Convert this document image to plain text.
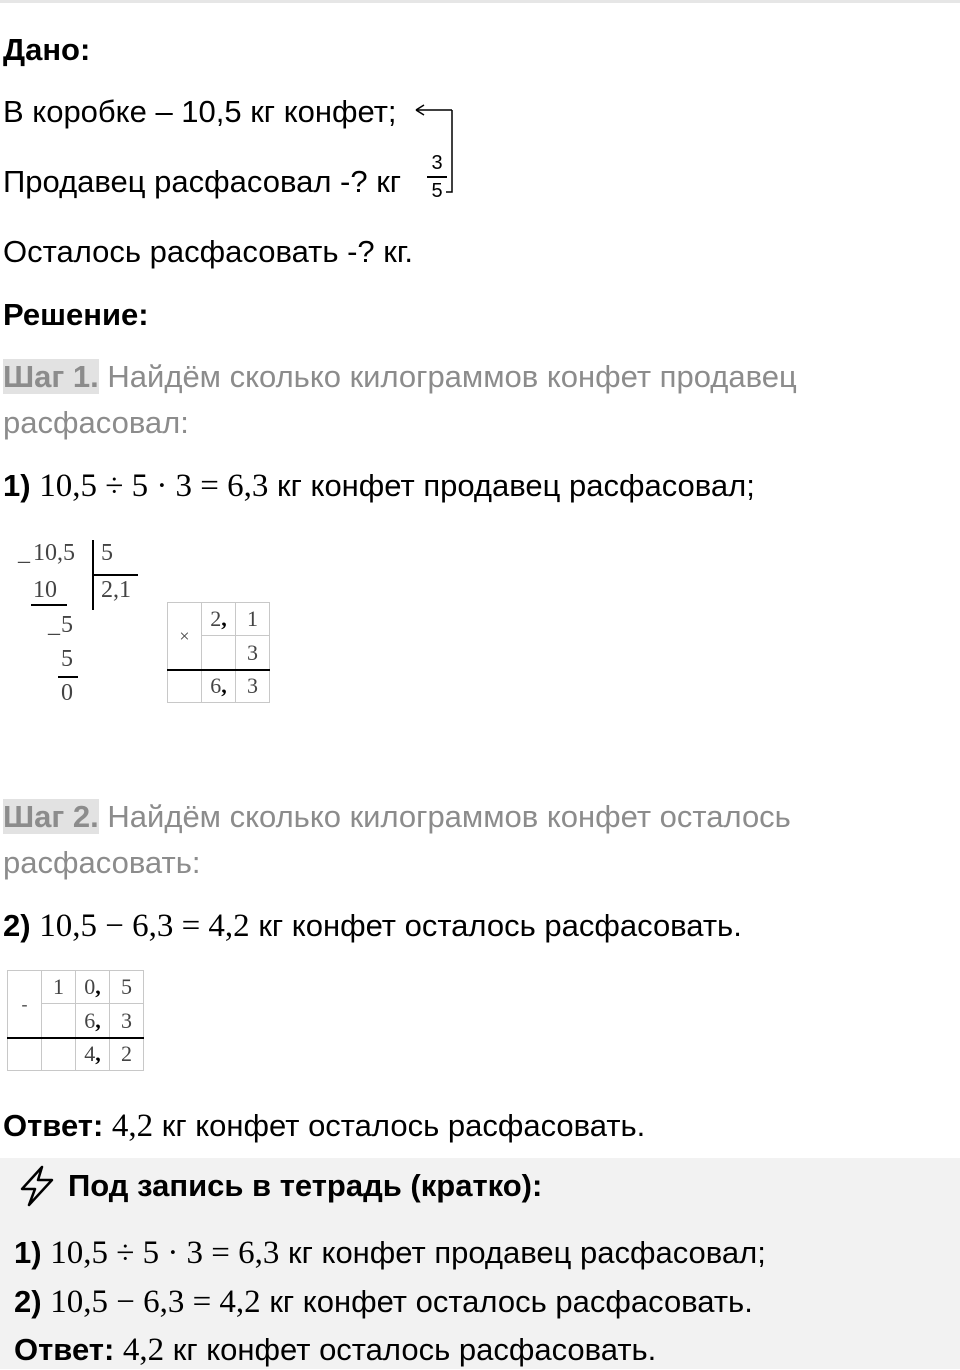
Дано:
В коробке – 10,5 кг конфет;
Продавец расфасовал -? кг
3
5
Осталось расфасовать -? кг.
Решение:
Шаг 1. Найдём сколько килограммов конфет продавец
расфасовал:
1) 10,5 ÷ 5 · 3 = 6,3 кг конфет продавец расфасовал;
_ 10,5 5
10 2,1
_ 5
5
0
×
2 , 1
3
6 , 3
Шаг 2. Найдём сколько килограммов конфет осталось
расфасовать:
2) 10,5 − 6,3 = 4,2 кг конфет осталось расфасовать.
-
1 0 , 5
6 , 3
4 , 2
Ответ: 4,2 кг конфет осталось расфасовать.
Под запись в тетрадь (кратко):
1) 10,5 ÷ 5 · 3 = 6,3 кг конфет продавец расфасовал;
2) 10,5 − 6,3 = 4,2 кг конфет осталось расфасовать.
Ответ: 4,2 кг конфет осталось расфасовать.
